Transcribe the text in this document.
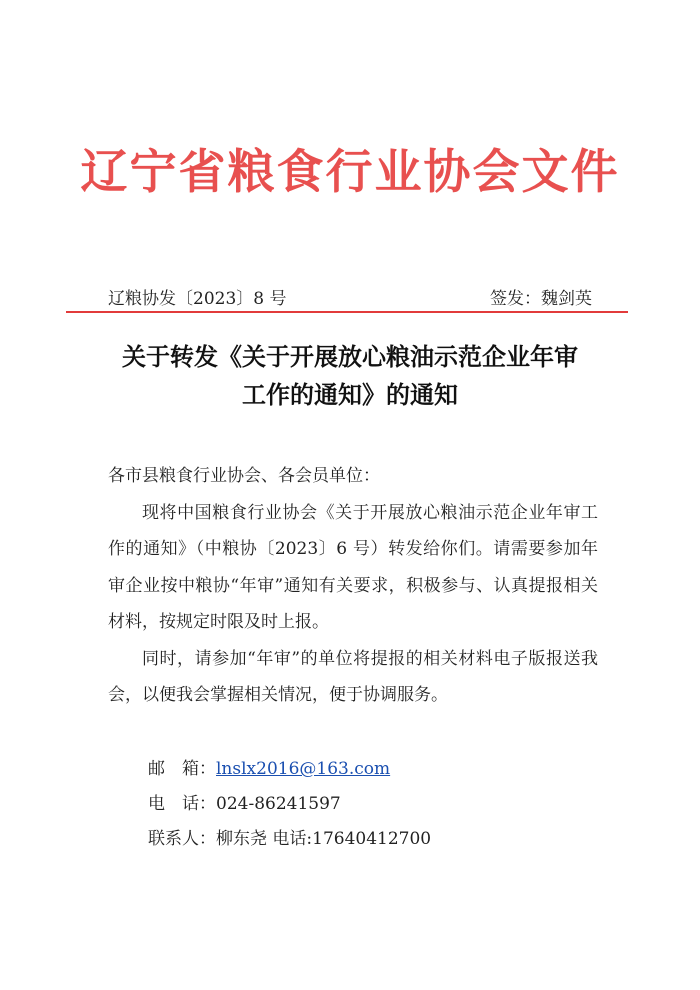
辽宁省粮食行业协会文件
辽粮协发〔2023〕8 号	签发：魏剑英
关于转发《关于开展放心粮油示范企业年审
工作的通知》的通知

各市县粮食行业协会、各会员单位：

现将中国粮食行业协会《关于开展放心粮油示范企业年审工作的通知》（中粮协〔2023〕6 号）转发给你们。请需要参加年审企业按中粮协“年审”通知有关要求，积极参与、认真提报相关材料，按规定时限及时上报。

同时，请参加“年审”的单位将提报的相关材料电子版报送我会，以便我会掌握相关情况，便于协调服务。

邮　箱：lnslx2016@163.com
电　话：024-86241597
联系人：柳东尧 电话:17640412700
